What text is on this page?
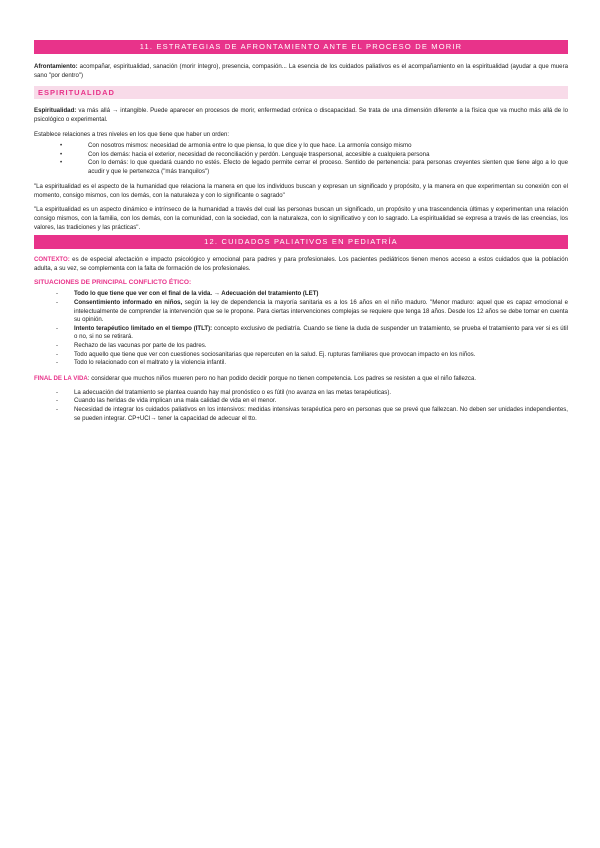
11. ESTRATEGIAS DE AFRONTAMIENTO ANTE EL PROCESO DE MORIR

Afrontamiento: acompañar, espiritualidad, sanación (morir íntegro), presencia, compasión... La esencia de los cuidados paliativos es el acompañamiento en la espiritualidad (ayudar a que muera sano "por dentro")

ESPIRITUALIDAD

Espiritualidad: va más allá → intangible. Puede aparecer en procesos de morir, enfermedad crónica o discapacidad. Se trata de una dimensión diferente a la física que va mucho más allá de lo psicológico o experimental.

Establece relaciones a tres niveles en los que tiene que haber un orden:

• Con nosotros mismos: necesidad de armonía entre lo que piensa, lo que dice y lo que hace. La armonía consigo mismo
• Con los demás: hacia el exterior, necesidad de reconciliación y perdón. Lenguaje traspersonal, accesible a cualquiera persona
• Con lo demás: lo que quedará cuando no estés. Efecto de legado permite cerrar el proceso. Sentido de pertenencia: para personas creyentes sienten que tiene algo a lo que acudir y que le pertenezca ("más tranquilos")

"La espiritualidad es el aspecto de la humanidad que relaciona la manera en que los individuos buscan y expresan un significado y propósito, y la manera en que experimentan su conexión con el momento, consigo mismos, con los demás, con la naturaleza y con lo significante o sagrado"

"La espiritualidad es un aspecto dinámico e intrínseco de la humanidad a través del cual las personas buscan un significado, un propósito y una trascendencia últimas y experimentan una relación consigo mismos, con la familia, con los demás, con la comunidad, con la sociedad, con la naturaleza, con lo significativo y con lo sagrado. La espiritualidad se expresa a través de las creencias, los valores, las tradiciones y las prácticas".

12. CUIDADOS PALIATIVOS EN PEDIATRÍA

CONTEXTO: es de especial afectación e impacto psicológico y emocional para padres y para profesionales. Los pacientes pediátricos tienen menos acceso a estos cuidados que la población adulta, a su vez, se complementa con la falta de formación de los profesionales.

SITUACIONES DE PRINCIPAL CONFLICTO ÉTICO:
- Todo lo que tiene que ver con el final de la vida. → Adecuación del tratamiento (LET)
- Consentimiento informado en niños, según la ley de dependencia la mayoría sanitaria es a los 16 años en el niño maduro. "Menor maduro: aquel que es capaz emocional e intelectualmente de comprender la intervención que se le propone. Para ciertas intervenciones complejas se requiere que tenga 18 años. Desde los 12 años se debe tomar en cuenta su opinión.
- Intento terapéutico limitado en el tiempo (ITLT): concepto exclusivo de pediatría. Cuando se tiene la duda de suspender un tratamiento, se prueba el tratamiento para ver si es útil o no, si no se retirará.
- Rechazo de las vacunas por parte de los padres.
- Todo aquello que tiene que ver con cuestiones sociosanitarias que repercuten en la salud. Ej. rupturas familiares que provocan impacto en los niños.
- Todo lo relacionado con el maltrato y la violencia infantil.

FINAL DE LA VIDA: considerar que muchos niños mueren pero no han podido decidir porque no tienen competencia. Los padres se resisten a que el niño fallezca.

- La adecuación del tratamiento se plantea cuando hay mal pronóstico o es fútil (no avanza en las metas terapéuticas).
- Cuando las heridas de vida implican una mala calidad de vida en el menor.
- Necesidad de integrar los cuidados paliativos en los intensivos: medidas intensivas terapéutica pero en personas que se prevé que fallezcan. No deben ser unidades independientes, se pueden integrar. CP+UCI→ tener la capacidad de adecuar el tto.
